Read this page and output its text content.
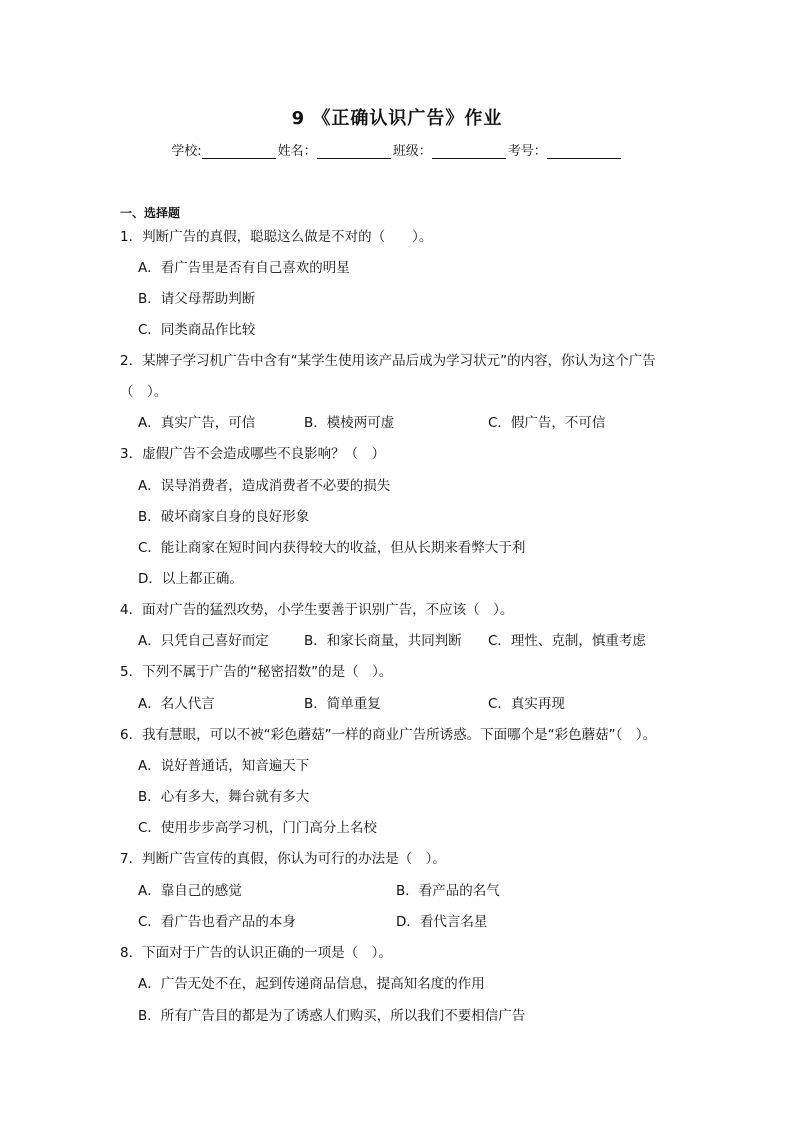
9 《正确认识广告》作业
学校:	姓名：	班级：	考号：
一、选择题
1．判断广告的真假，聪聪这么做是不对的（　　）。
A．看广告里是否有自己喜欢的明星
B．请父母帮助判断
C．同类商品作比较
2．某牌子学习机广告中含有“某学生使用该产品后成为学习状元”的内容，你认为这个广告
（　）。
A．真实广告，可信	B．模棱两可虚	C．假广告，不可信
3．虚假广告不会造成哪些不良影响？（　）
A．误导消费者，造成消费者不必要的损失
B．破坏商家自身的良好形象
C．能让商家在短时间内获得较大的收益，但从长期来看弊大于利
D．以上都正确。
4．面对广告的猛烈攻势，小学生要善于识别广告，不应该（　）。
A．只凭自己喜好而定	B．和家长商量，共同判断 C．理性、克制，慎重考虑
5．下列不属于广告的“秘密招数”的是（　）。
A．名人代言	B．简单重复	C．真实再现
6．我有慧眼，可以不被“彩色蘑菇”一样的商业广告所诱惑。下面哪个是“彩色蘑菇”（　）。
A．说好普通话，知音遍天下
B．心有多大，舞台就有多大
C．使用步步高学习机，门门高分上名校
7．判断广告宣传的真假，你认为可行的办法是（　）。
A．靠自己的感觉	B．看产品的名气
C．看广告也看产品的本身	D．看代言名星
8．下面对于广告的认识正确的一项是（　）。
A．广告无处不在，起到传递商品信息，提高知名度的作用
B．所有广告目的都是为了诱惑人们购买，所以我们不要相信广告
